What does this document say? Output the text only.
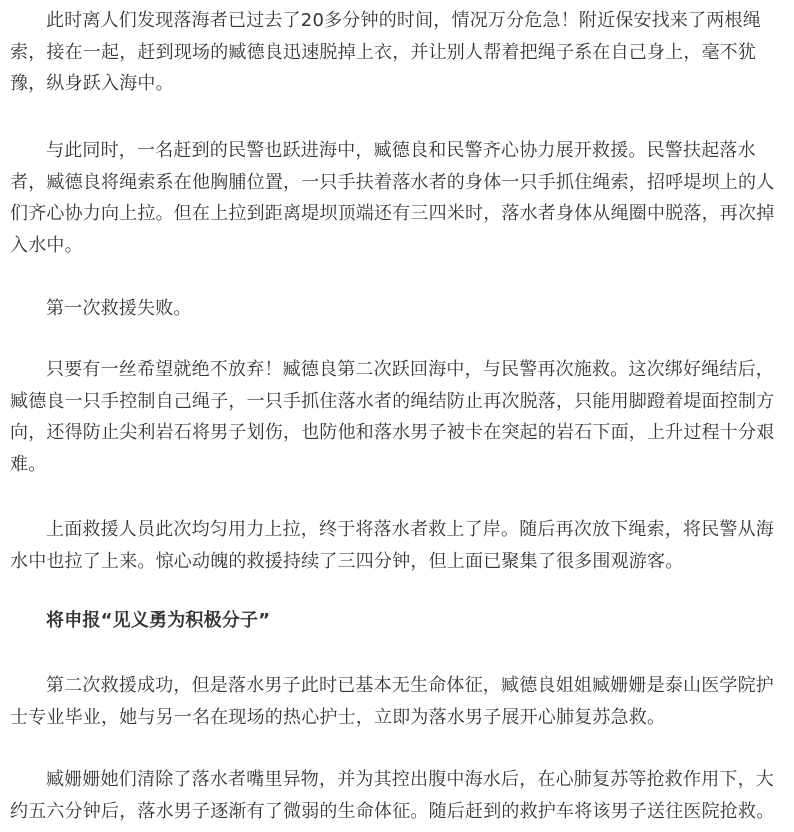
此时离人们发现落海者已过去了20多分钟的时间，情况万分危急！附近保安找来了两根绳索，接在一起，赶到现场的臧德良迅速脱掉上衣，并让别人帮着把绳子系在自己身上，毫不犹豫，纵身跃入海中。

与此同时，一名赶到的民警也跃进海中，臧德良和民警齐心协力展开救援。民警扶起落水者，臧德良将绳索系在他胸脯位置，一只手扶着落水者的身体一只手抓住绳索，招呼堤坝上的人们齐心协力向上拉。但在上拉到距离堤坝顶端还有三四米时，落水者身体从绳圈中脱落，再次掉入水中。

第一次救援失败。

只要有一丝希望就绝不放弃！臧德良第二次跃回海中，与民警再次施救。这次绑好绳结后，臧德良一只手控制自己绳子，一只手抓住落水者的绳结防止再次脱落，只能用脚蹬着堤面控制方向，还得防止尖利岩石将男子划伤，也防他和落水男子被卡在突起的岩石下面，上升过程十分艰难。

上面救援人员此次均匀用力上拉，终于将落水者救上了岸。随后再次放下绳索，将民警从海水中也拉了上来。惊心动魄的救援持续了三四分钟，但上面已聚集了很多围观游客。

将申报“见义勇为积极分子”

第二次救援成功，但是落水男子此时已基本无生命体征，臧德良姐姐臧姗姗是泰山医学院护士专业毕业，她与另一名在现场的热心护士，立即为落水男子展开心肺复苏急救。

臧姗姗她们清除了落水者嘴里异物，并为其控出腹中海水后，在心肺复苏等抢救作用下，大约五六分钟后，落水男子逐渐有了微弱的生命体征。随后赶到的救护车将该男子送往医院抢救。
